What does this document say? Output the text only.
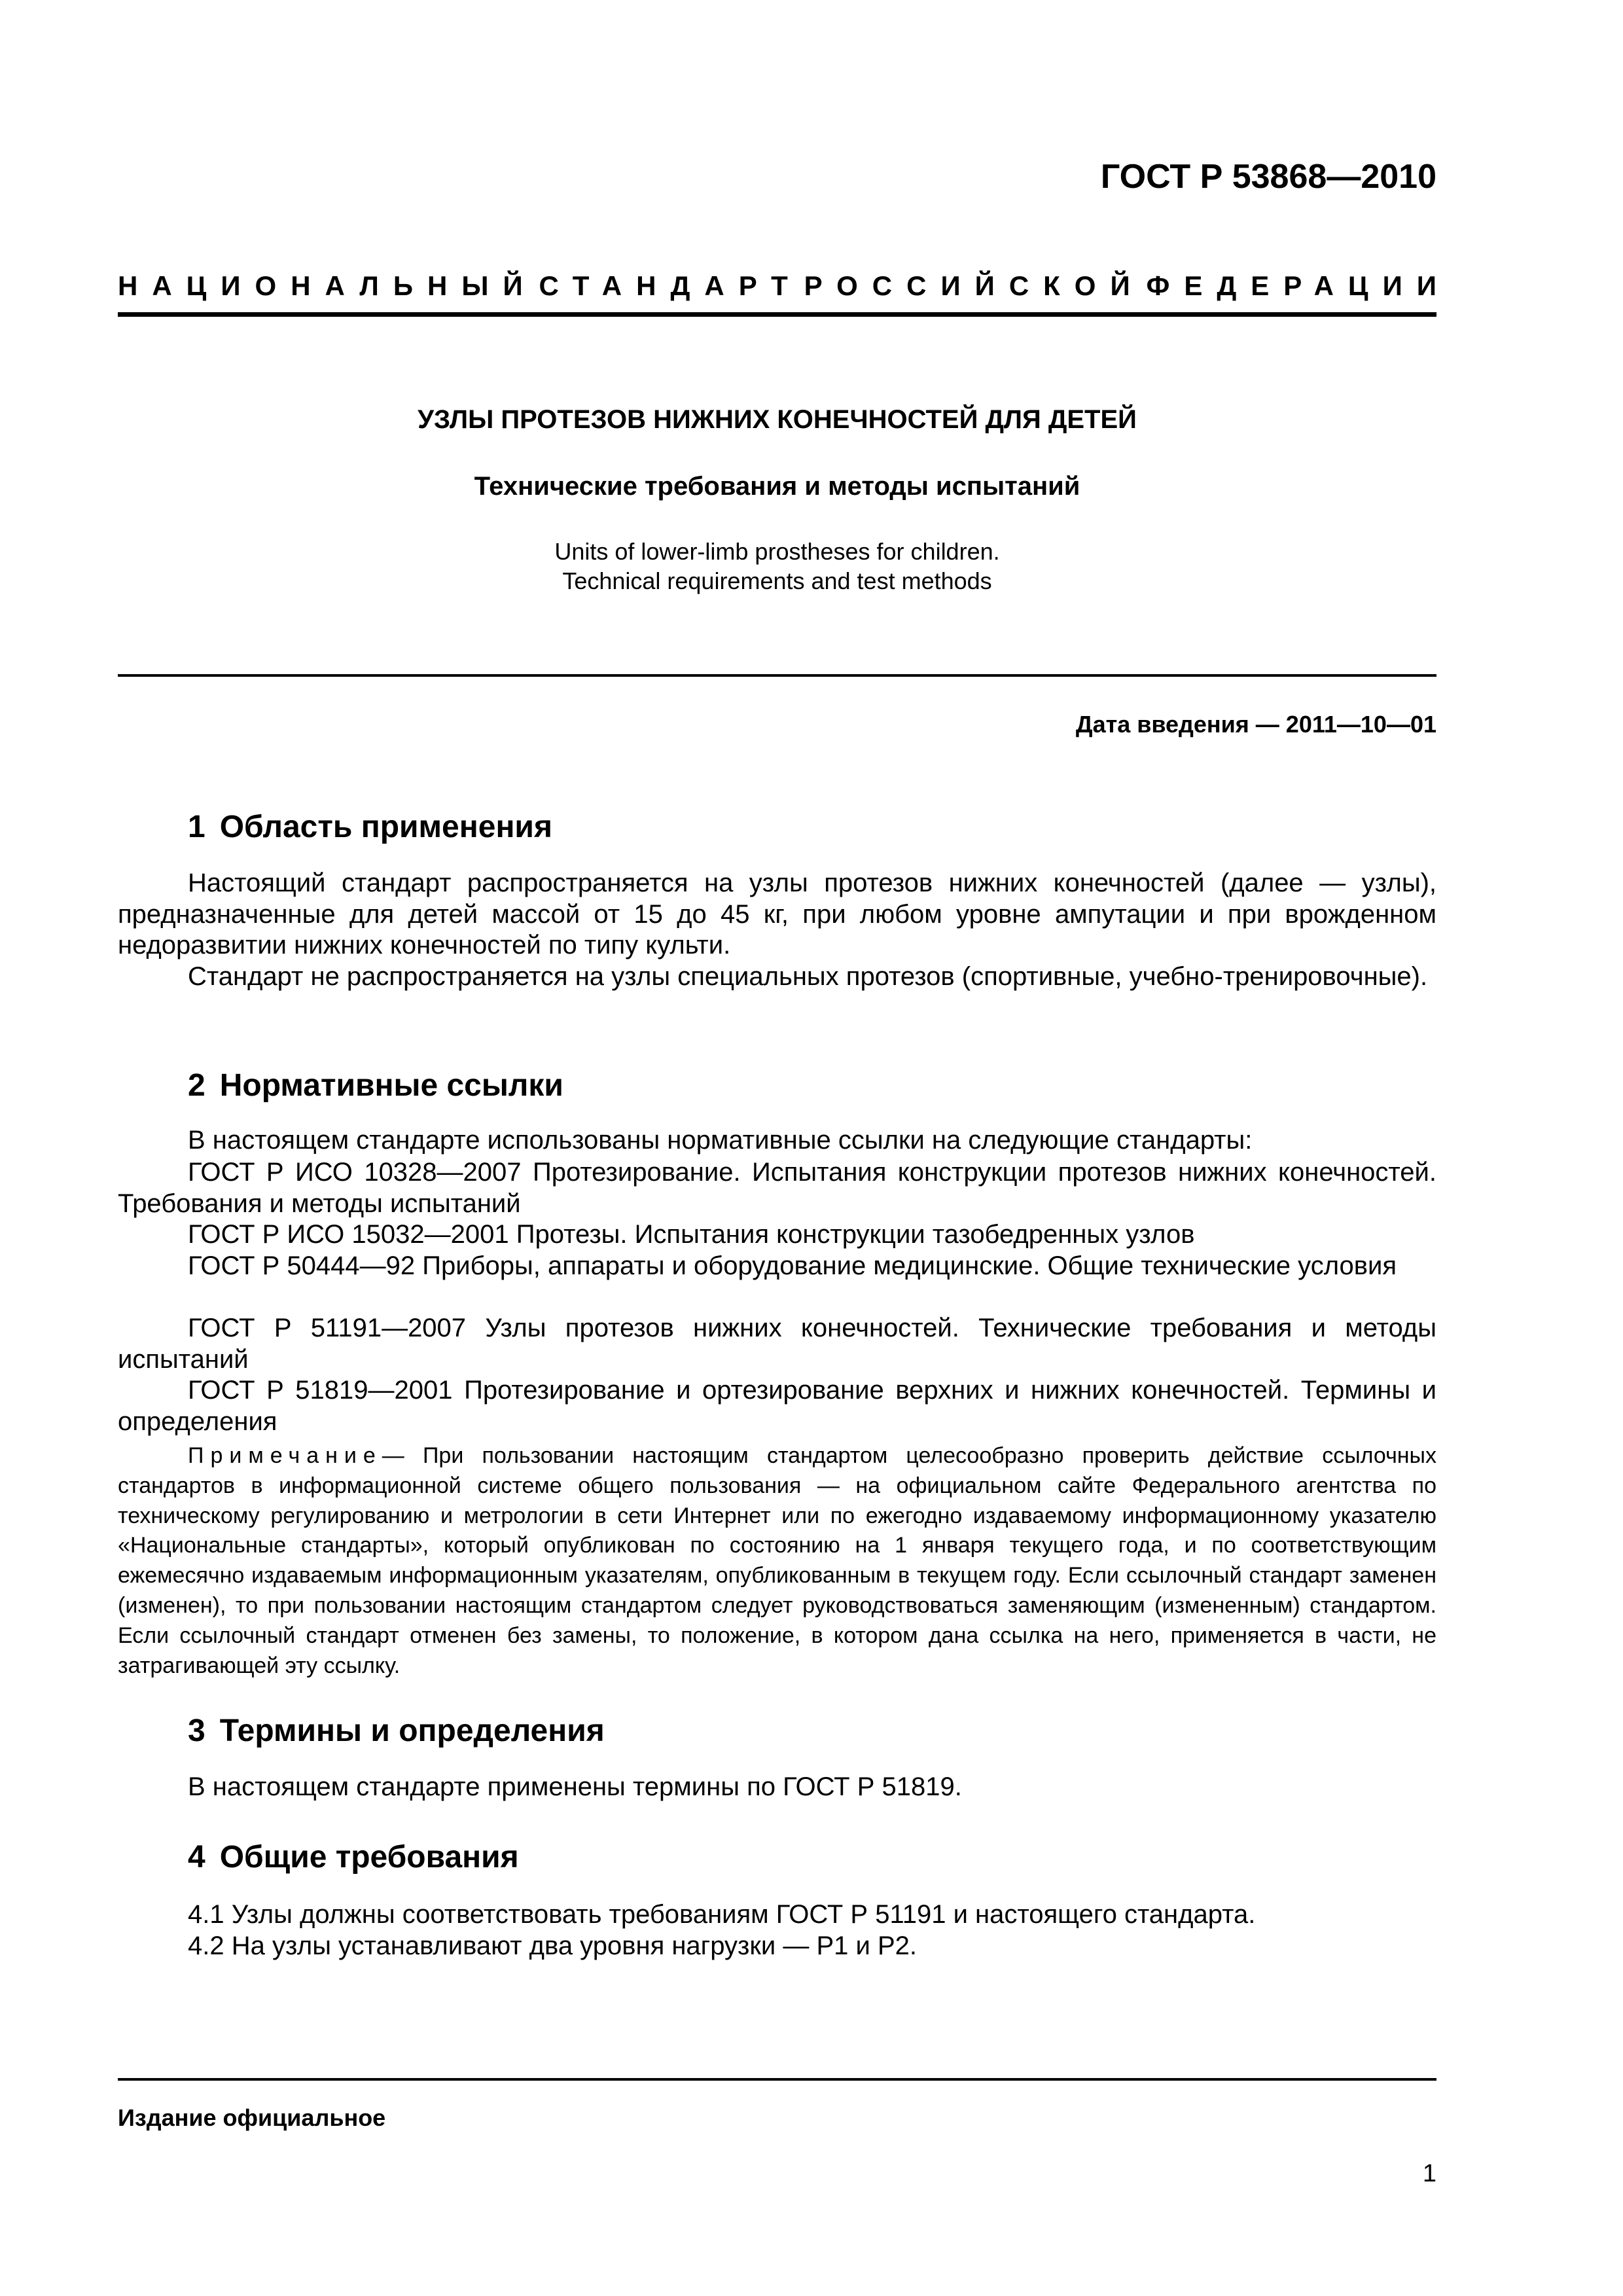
ГОСТ Р 53868—2010
НАЦИОНАЛЬНЫЙ СТАНДАРТ РОССИЙСКОЙ ФЕДЕРАЦИИ
УЗЛЫ ПРОТЕЗОВ НИЖНИХ КОНЕЧНОСТЕЙ ДЛЯ ДЕТЕЙ
Технические требования и методы испытаний
Units of lower-limb prostheses for children.
Technical requirements and test methods
Дата введения — 2011—10—01
1 Область применения

Настоящий стандарт распространяется на узлы протезов нижних конечностей (далее — узлы), предназначенные для детей массой от 15 до 45 кг, при любом уровне ампутации и при врожденном недоразвитии нижних конечностей по типу культи.

Стандарт не распространяется на узлы специальных протезов (спортивные, учебно-тренировочные).

2 Нормативные ссылки
В настоящем стандарте использованы нормативные ссылки на следующие стандарты:

ГОСТ Р ИСО 10328—2007 Протезирование. Испытания конструкции протезов нижних конечностей. Требования и методы испытаний

ГОСТ Р ИСО 15032—2001 Протезы. Испытания конструкции тазобедренных узлов

ГОСТ Р 50444—92 Приборы, аппараты и оборудование медицинские. Общие технические условия

ГОСТ Р 51191—2007 Узлы протезов нижних конечностей. Технические требования и методы испытаний

ГОСТ Р 51819—2001 Протезирование и ортезирование верхних и нижних конечностей. Термины и определения

Примечание— При пользовании настоящим стандартом целесообразно проверить действие ссылочных стандартов в информационной системе общего пользования — на официальном сайте Федерального агентства по техническому регулированию и метрологии в сети Интернет или по ежегодно издаваемому информационному указателю «Национальные стандарты», который опубликован по состоянию на 1 января текущего года, и по соответствующим ежемесячно издаваемым информационным указателям, опубликованным в текущем году. Если ссылочный стандарт заменен (изменен), то при пользовании настоящим стандартом следует руководствоваться заменяющим (измененным) стандартом. Если ссылочный стандарт отменен без замены, то положение, в котором дана ссылка на него, применяется в части, не затрагивающей эту ссылку.

3 Термины и определения
В настоящем стандарте применены термины по ГОСТ Р 51819.
4 Общие требования
4.1 Узлы должны соответствовать требованиям ГОСТ Р 51191 и настоящего стандарта.
4.2 На узлы устанавливают два уровня нагрузки — Р1 и Р2.
Издание официальное
1
